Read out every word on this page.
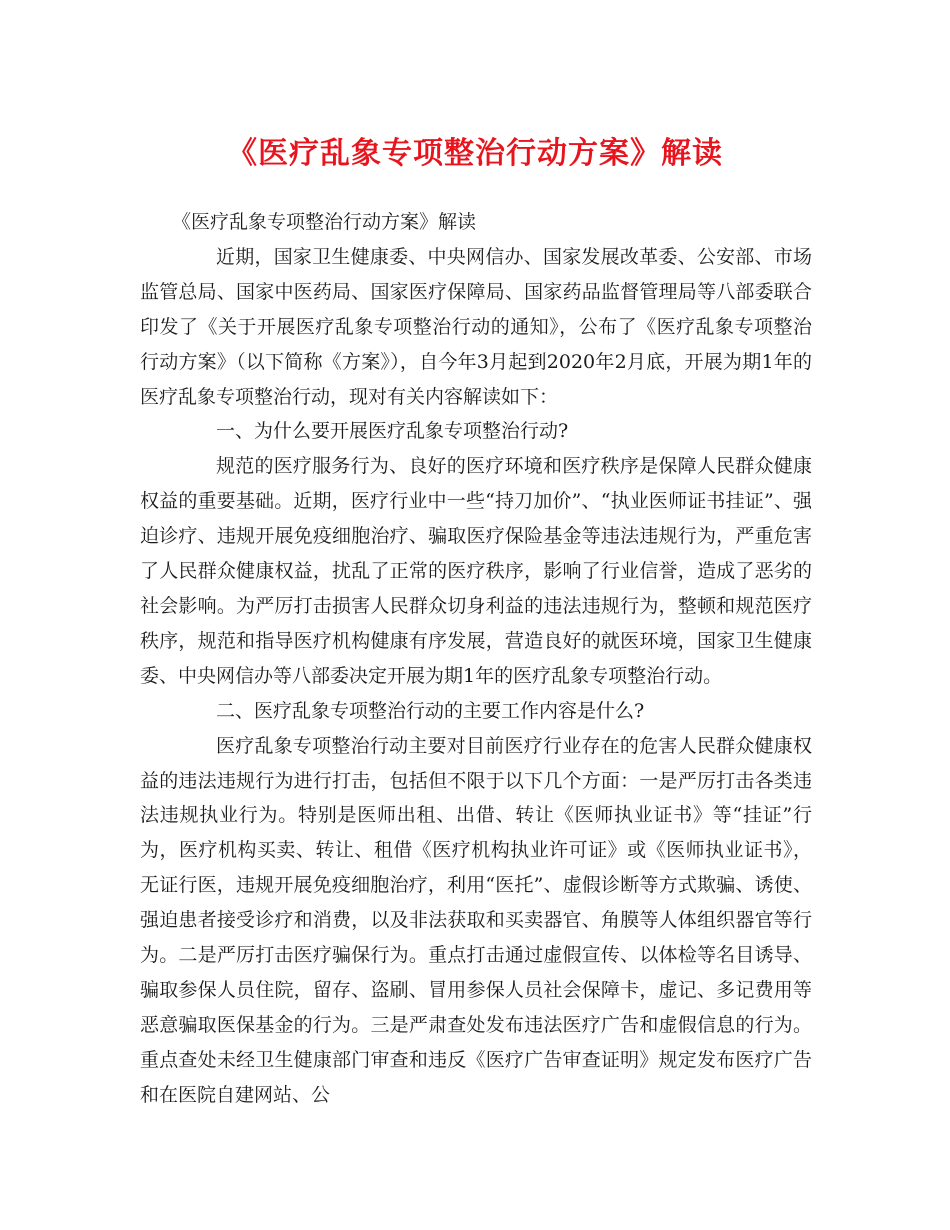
《医疗乱象专项整治行动方案》解读

《医疗乱象专项整治行动方案》解读

近期，国家卫生健康委、中央网信办、国家发展改革委、公安部、市场监管总局、国家中医药局、国家医疗保障局、国家药品监督管理局等八部委联合印发了《关于开展医疗乱象专项整治行动的通知》，公布了《医疗乱象专项整治行动方案》（以下简称《方案》），自今年3月起到2020年2月底，开展为期1年的医疗乱象专项整治行动，现对有关内容解读如下：

一、为什么要开展医疗乱象专项整治行动?

规范的医疗服务行为、良好的医疗环境和医疗秩序是保障人民群众健康权益的重要基础。近期，医疗行业中一些“持刀加价”、“执业医师证书挂证”、强迫诊疗、违规开展免疫细胞治疗、骗取医疗保险基金等违法违规行为，严重危害了人民群众健康权益，扰乱了正常的医疗秩序，影响了行业信誉，造成了恶劣的社会影响。为严厉打击损害人民群众切身利益的违法违规行为，整顿和规范医疗秩序，规范和指导医疗机构健康有序发展，营造良好的就医环境，国家卫生健康委、中央网信办等八部委决定开展为期1年的医疗乱象专项整治行动。

二、医疗乱象专项整治行动的主要工作内容是什么?

医疗乱象专项整治行动主要对目前医疗行业存在的危害人民群众健康权益的违法违规行为进行打击，包括但不限于以下几个方面：一是严厉打击各类违法违规执业行为。特别是医师出租、出借、转让《医师执业证书》等“挂证”行为，医疗机构买卖、转让、租借《医疗机构执业许可证》或《医师执业证书》，无证行医，违规开展免疫细胞治疗，利用“医托”、虚假诊断等方式欺骗、诱使、强迫患者接受诊疗和消费，以及非法获取和买卖器官、角膜等人体组织器官等行为。二是严厉打击医疗骗保行为。重点打击通过虚假宣传、以体检等名目诱导、骗取参保人员住院，留存、盗刷、冒用参保人员社会保障卡，虚记、多记费用等恶意骗取医保基金的行为。三是严肃查处发布违法医疗广告和虚假信息的行为。重点查处未经卫生健康部门审查和违反《医疗广告审查证明》规定发布医疗广告和在医院自建网站、公
